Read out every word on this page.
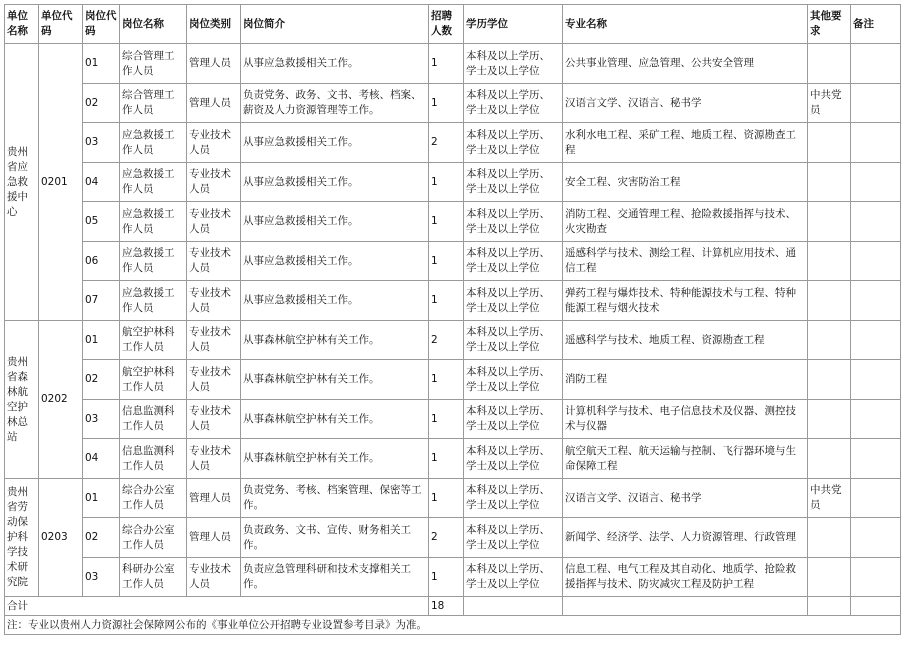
单位名称	单位代码	岗位代码	岗位名称	岗位类别	岗位简介	招聘人数	学历学位	专业名称	其他要求	备注
贵州省应急救援中心	0201	01	综合管理工作人员	管理人员	从事应急救援相关工作。	1	本科及以上学历、学士及以上学位	公共事业管理、应急管理、公共安全管理		
		02	综合管理工作人员	管理人员	负责党务、政务、文书、考核、档案、薪资及人力资源管理等工作。	1	本科及以上学历、学士及以上学位	汉语言文学、汉语言、秘书学	中共党员	
		03	应急救援工作人员	专业技术人员	从事应急救援相关工作。	2	本科及以上学历、学士及以上学位	水利水电工程、采矿工程、地质工程、资源勘查工程		
		04	应急救援工作人员	专业技术人员	从事应急救援相关工作。	1	本科及以上学历、学士及以上学位	安全工程、灾害防治工程		
		05	应急救援工作人员	专业技术人员	从事应急救援相关工作。	1	本科及以上学历、学士及以上学位	消防工程、交通管理工程、抢险救援指挥与技术、火灾勘查		
		06	应急救援工作人员	专业技术人员	从事应急救援相关工作。	1	本科及以上学历、学士及以上学位	遥感科学与技术、测绘工程、计算机应用技术、通信工程		
		07	应急救援工作人员	专业技术人员	从事应急救援相关工作。	1	本科及以上学历、学士及以上学位	弹药工程与爆炸技术、特种能源技术与工程、特种能源工程与烟火技术		
贵州省森林航空护林总站	0202	01	航空护林科工作人员	专业技术人员	从事森林航空护林有关工作。	2	本科及以上学历、学士及以上学位	遥感科学与技术、地质工程、资源勘查工程		
		02	航空护林科工作人员	专业技术人员	从事森林航空护林有关工作。	1	本科及以上学历、学士及以上学位	消防工程		
		03	信息监测科工作人员	专业技术人员	从事森林航空护林有关工作。	1	本科及以上学历、学士及以上学位	计算机科学与技术、电子信息技术及仪器、测控技术与仪器		
		04	信息监测科工作人员	专业技术人员	从事森林航空护林有关工作。	1	本科及以上学历、学士及以上学位	航空航天工程、航天运输与控制、飞行器环境与生命保障工程		
贵州省劳动保护科学技术研究院	0203	01	综合办公室工作人员	管理人员	负责党务、考核、档案管理、保密等工作。	1	本科及以上学历、学士及以上学位	汉语言文学、汉语言、秘书学	中共党员	
		02	综合办公室工作人员	管理人员	负责政务、文书、宣传、财务相关工作。	2	本科及以上学历、学士及以上学位	新闻学、经济学、法学、人力资源管理、行政管理		
		03	科研办公室工作人员	专业技术人员	负责应急管理科研和技术支撑相关工作。	1	本科及以上学历、学士及以上学位	信息工程、电气工程及其自动化、地质学、抢险救援指挥与技术、防灾减灾工程及防护工程		
合计						18				
注：专业以贵州人力资源社会保障网公布的《事业单位公开招聘专业设置参考目录》为准。										
